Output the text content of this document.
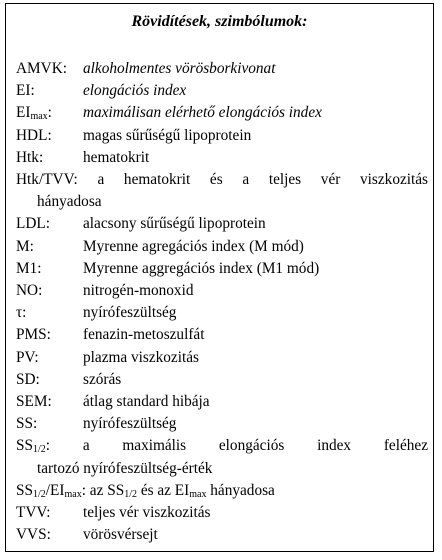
Rövidítések, szimbólumok:
AMVK: alkoholmentes vörösborkivonat
EI:	elongációs index
$EI_{max}$: maximálisan elérhető elongációs index
HDL: magas sűrűségű lipoprotein
Htk:	hematokrit
Htk/TVV: a hematokrit és a teljes vér viszkozitás
hányadosa
LDL: alacsony sűrűségű lipoprotein
M:	Myrenne agregációs index (M mód)
M1:	Myrenne aggregációs index (M1 mód)
NO:	nitrogén-monoxid
τ:	nyírófeszültség
PMS: fenazin-metoszulfát
PV:	plazma viszkozitás
SD:	szórás
SEM: átlag standard hibája
SS:	nyírófeszültség
$SS_{1/2}$: a maximális elongációs index feléhez
tartozó nyírófeszültség-érték
$SS_{1/2}/EI_{max}$: az $SS_{1/2}$ és az $EI_{max}$ hányadosa
TVV: teljes vér viszkozitás
VVS: vörösvérsejt
